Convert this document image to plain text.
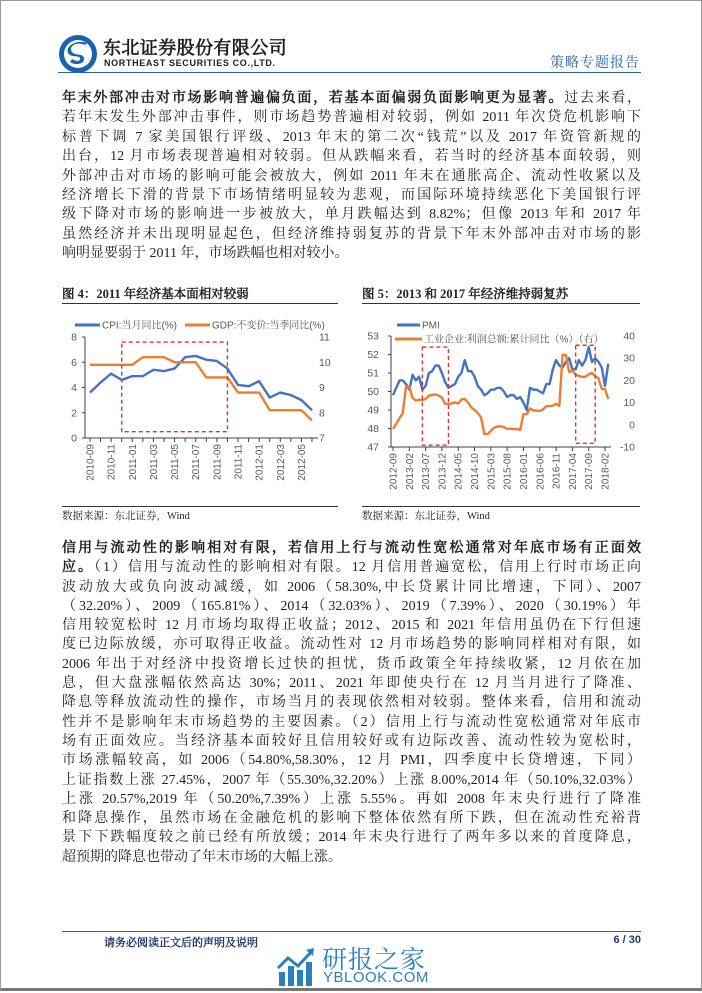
东北证券股份有限公司
NORTHEAST SECURITIES CO.,LTD.	策略专题报告
年末外部冲击对市场影响普遍偏负面，若基本面偏弱负面影响更为显著。过去来看，
若年末发生外部冲击事件，则市场趋势普遍相对较弱，例如 2011 年次贷危机影响下
标普下调 7 家美国银行评级、2013 年末的第二次“钱荒”以及 2017 年资管新规的
出台，12 月市场表现普遍相对较弱。但从跌幅来看，若当时的经济基本面较弱，则
外部冲击对市场的影响可能会被放大，例如 2011 年末在通胀高企、流动性收紧以及
经济增长下滑的背景下市场情绪明显较为悲观，而国际环境持续恶化下美国银行评
级下降对市场的影响进一步被放大，单月跌幅达到 8.82%；但像 2013 年和 2017 年
虽然经济并未出现明显起色，但经济维持弱复苏的背景下年末外部冲击对市场的影
响明显要弱于 2011 年，市场跌幅也相对较小。
图 4：2011 年经济基本面相对较弱	图 5：2013 和 2017 年经济维持弱复苏
0
2
4
6
8
7
8
9
10
11
2010-09 2010-11 2011-01 2011-03 2011-05 2011-07 2011-09 2011-11 2012-01 2012-03 2012-05
CPI:当月同比(%)	GDP:不变价:当季同比(%)
47
48
49
50
51
52
53
-10
0
10
20
30
40
2012-09 2013-02 2013-07 2013-12 2014-05 2014-10 2015-03 2015-08 2016-01 2016-06 2016-11 2017-04 2017-09 2018-02
PMI
工业企业:利润总额:累计同比（%）（右）
数据来源：东北证券，Wind	数据来源：东北证券，Wind
信用与流动性的影响相对有限，若信用上行与流动性宽松通常对年底市场有正面效
应。（1）信用与流动性的影响相对有限。12 月信用普遍宽松，信用上行时市场正向
波动放大或负向波动减缓，如 2006（58.30%,中长贷累计同比增速，下同）、2007
（32.20%）、2009（165.81%）、2014（32.03%）、2019（7.39%）、2020（30.19%）年
信用较宽松时 12 月市场均取得正收益；2012、2015 和 2021 年信用虽仍在下行但速
度已边际放缓，亦可取得正收益。流动性对 12 月市场趋势的影响同样相对有限，如
2006 年出于对经济中投资增长过快的担忧，货币政策全年持续收紧，12 月依在加
息，但大盘涨幅依然高达 30%；2011、2021 年即使央行在 12 月当月进行了降准、
降息等释放流动性的操作，市场当月的表现依然相对较弱。整体来看，信用和流动
性并不是影响年末市场趋势的主要因素。（2）信用上行与流动性宽松通常对年底市
场有正面效应。当经济基本面较好且信用较好或有边际改善、流动性较为宽松时，
市场涨幅较高，如 2006（54.80%,58.30%，12 月 PMI，四季度中长贷增速，下同）
上证指数上涨 27.45%，2007 年（55.30%,32.20%）上涨 8.00%,2014 年（50.10%,32.03%）
上涨 20.57%,2019 年（50.20%,7.39%）上涨 5.55%。再如 2008 年末央行进行了降准
和降息操作，虽然市场在金融危机的影响下整体依然有所下跌，但在流动性充裕背
景下下跌幅度较之前已经有所放缓；2014 年末央行进行了两年多以来的首度降息，
超预期的降息也带动了年末市场的大幅上涨。
请务必阅读正文后的声明及说明	6 / 30
研报之家
YBLOOK.COM
